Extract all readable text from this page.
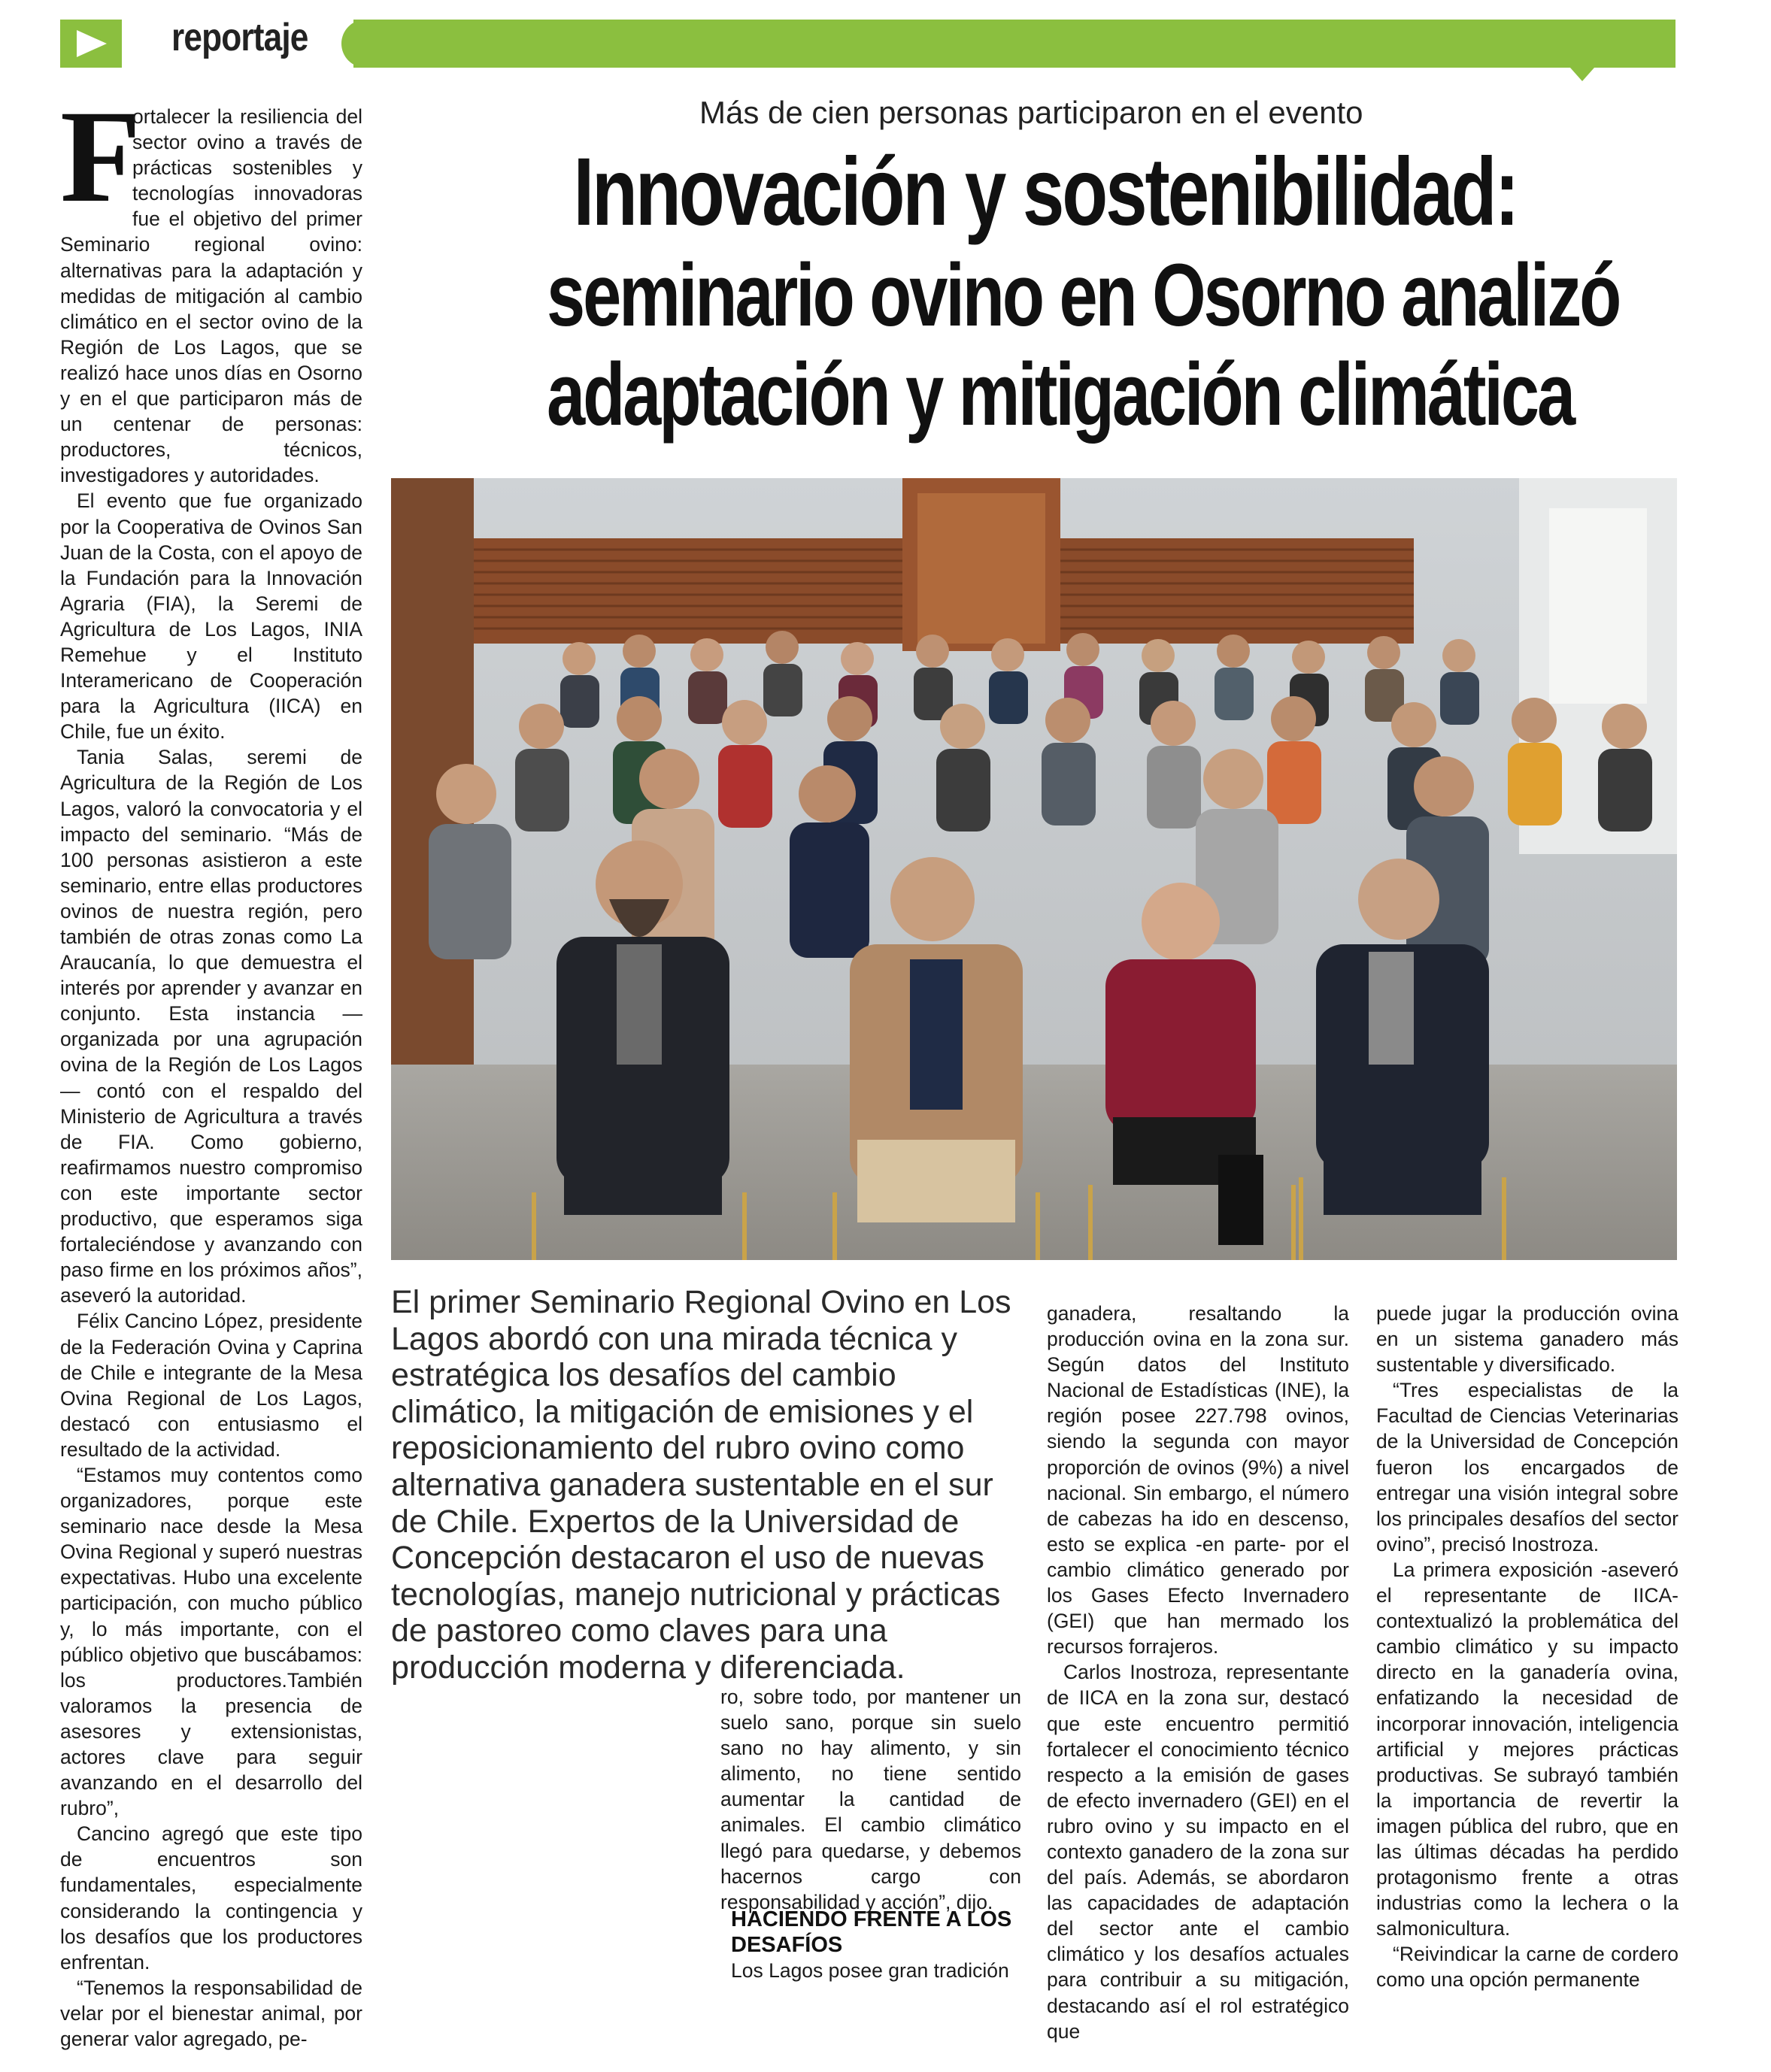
reportaje
Más de cien personas participaron en el evento
Innovación y sostenibilidad:
seminario ovino en Osorno analizó
adaptación y mitigación climática
F

ortalecer la resiliencia del sector ovino a través de prácticas sostenibles y tecnologías innovadoras fue el objetivo del primer Seminario regional ovino: alternativas para la adaptación y medidas de mitigación al cambio climático en el sector ovino de la Región de Los Lagos, que se realizó hace unos días en Osorno y en el que participaron más de un centenar de personas: productores, técnicos, investigadores y autoridades.

El evento que fue organizado por la Cooperativa de Ovinos San Juan de la Costa, con el apoyo de la Fundación para la Innovación Agraria (FIA), la Seremi de Agricultura de Los Lagos, INIA Remehue y el Instituto Interamericano de Cooperación para la Agricultura (IICA) en Chile, fue un éxito.

Tania Salas, seremi de Agricultura de la Región de Los Lagos, valoró la convocatoria y el impacto del seminario. “Más de 100 personas asistieron a este seminario, entre ellas productores ovinos de nuestra región, pero también de otras zonas como La Araucanía, lo que demuestra el interés por aprender y avanzar en conjunto. Esta instancia —organizada por una agrupación ovina de la Región de Los Lagos— contó con el respaldo del Ministerio de Agricultura a través de FIA. Como gobierno, reafirmamos nuestro compromiso con este importante sector productivo, que esperamos siga fortaleciéndose y avanzando con paso firme en los próximos años”, aseveró la autoridad.

Félix Cancino López, presidente de la Federación Ovina y Caprina de Chile e integrante de la Mesa Ovina Regional de Los Lagos, destacó con entusiasmo el resultado de la actividad.

“Estamos muy contentos como organizadores, porque este seminario nace desde la Mesa Ovina Regional y superó nuestras expectativas. Hubo una excelente participación, con mucho público y, lo más importante, con el público objetivo que buscábamos: los productores.También valoramos la presencia de asesores y extensionistas, actores clave para seguir avanzando en el desarrollo del rubro”,

Cancino agregó que este tipo de encuentros son fundamentales, especialmente considerando la contingencia y los desafíos que los productores enfrentan.

“Tenemos la responsabilidad de velar por el bienestar animal, por generar valor agregado, pe-

El primer Seminario Regional Ovino en Los Lagos abordó con una mirada técnica y estratégica los desafíos del cambio climático, la mitigación de emisiones y el reposicionamiento del rubro ovino como alternativa ganadera sustentable en el sur de Chile. Expertos de la Universidad de Concepción destacaron el uso de nuevas tecnologías, manejo nutricional y prácticas de pastoreo como claves para una producción moderna y diferenciada.

ro, sobre todo, por mantener un suelo sano, porque sin suelo sano no hay alimento, y sin alimento, no tiene sentido aumentar la cantidad de animales. El cambio climático llegó para quedarse, y debemos hacernos cargo con responsabilidad y acción”, dijo.

HACIENDO FRENTE A LOS DESAFÍOS

Los Lagos posee gran tradición

ganadera, resaltando la producción ovina en la zona sur. Según datos del Instituto Nacional de Estadísticas (INE), la región posee 227.798 ovinos, siendo la segunda con mayor proporción de ovinos (9%) a nivel nacional. Sin embargo, el número de cabezas ha ido en descenso, esto se explica -en parte- por el cambio climático generado por los Gases Efecto Invernadero (GEI) que han mermado los recursos forrajeros.

Carlos Inostroza, representante de IICA en la zona sur, destacó que este encuentro permitió fortalecer el conocimiento técnico respecto a la emisión de gases de efecto invernadero (GEI) en el rubro ovino y su impacto en el contexto ganadero de la zona sur del país. Además, se abordaron las capacidades de adaptación del sector ante el cambio climático y los desafíos actuales para contribuir a su mitigación, destacando así el rol estratégico que

puede jugar la producción ovina en un sistema ganadero más sustentable y diversificado.

“Tres especialistas de la Facultad de Ciencias Veterinarias de la Universidad de Concepción fueron los encargados de entregar una visión integral sobre los principales desafíos del sector ovino”, precisó Inostroza.

La primera exposición -aseveró el representante de IICA- contextualizó la problemática del cambio climático y su impacto directo en la ganadería ovina, enfatizando la necesidad de incorporar innovación, inteligencia artificial y mejores prácticas productivas. Se subrayó también la importancia de revertir la imagen pública del rubro, que en las últimas décadas ha perdido protagonismo frente a otras industrias como la lechera o la salmonicultura.

“Reivindicar la carne de cordero como una opción permanente
